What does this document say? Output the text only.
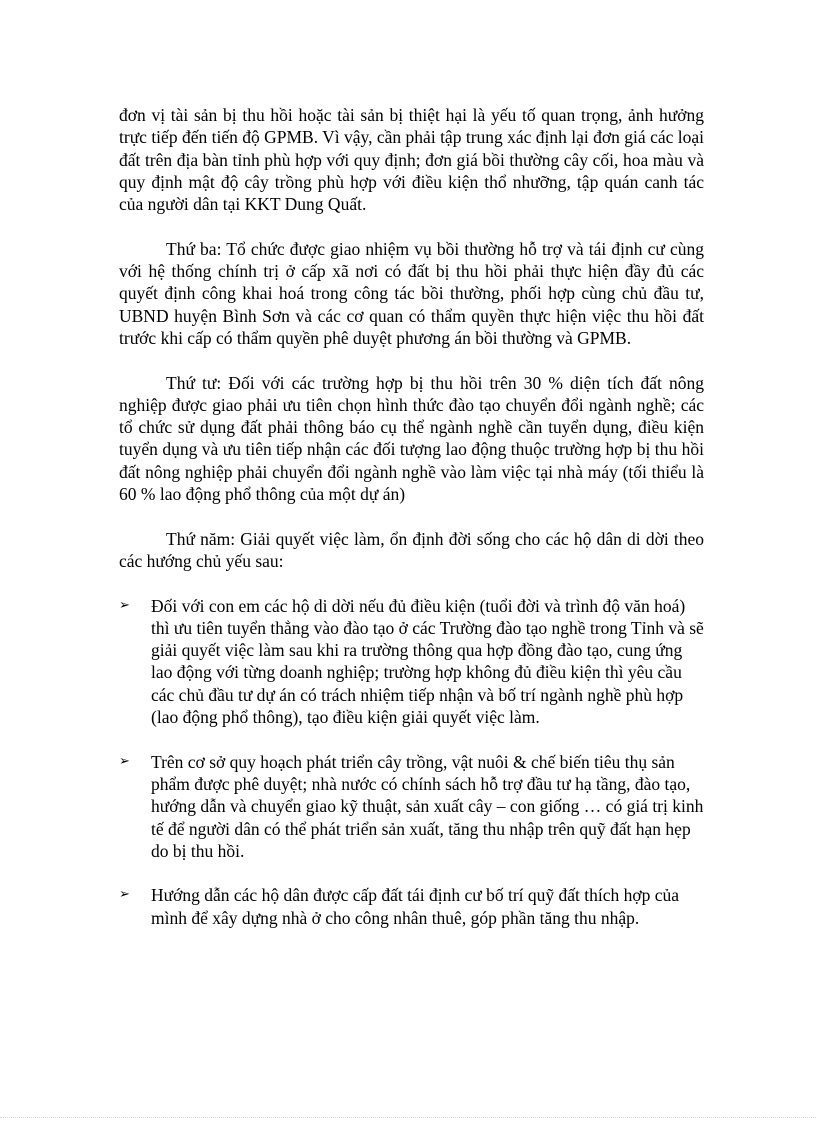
đơn vị tài sản bị thu hồi hoặc tài sản bị thiệt hại là yếu tố quan trọng, ảnh hưởng trực tiếp đến tiến độ GPMB. Vì vậy, cần phải tập trung xác định lại đơn giá các loại đất trên địa bàn tỉnh phù hợp với quy định; đơn giá bồi thường cây cối, hoa màu và quy định mật độ cây trồng phù hợp với điều kiện thổ nhưỡng, tập quán canh tác của người dân tại KKT Dung Quất.

Thứ ba: Tổ chức được giao nhiệm vụ bồi thường hỗ trợ và tái định cư cùng với hệ thống chính trị ở cấp xã nơi có đất bị thu hồi phải thực hiện đầy đủ các quyết định công khai hoá trong công tác bồi thường, phối hợp cùng chủ đầu tư, UBND huyện Bình Sơn và các cơ quan có thẩm quyền thực hiện việc thu hồi đất trước khi cấp có thẩm quyền phê duyệt phương án bồi thường và GPMB.

Thứ tư: Đối với các trường hợp bị thu hồi trên 30 % diện tích đất nông nghiệp được giao phải ưu tiên chọn hình thức đào tạo chuyển đổi ngành nghề; các tổ chức sử dụng đất phải thông báo cụ thể ngành nghề cần tuyển dụng, điều kiện tuyển dụng và ưu tiên tiếp nhận các đối tượng lao động thuộc trường hợp bị thu hồi đất nông nghiệp phải chuyển đổi ngành nghề vào làm việc tại nhà máy (tối thiểu là 60 % lao động phổ thông của một dự án)

Thứ năm: Giải quyết việc làm, ổn định đời sống cho các hộ dân di dời theo các hướng chủ yếu sau:

➢	Đối với con em các hộ di dời nếu đủ điều kiện (tuổi đời và trình độ văn hoá) thì ưu tiên tuyển thẳng vào đào tạo ở các Trường đào tạo nghề trong Tỉnh và sẽ giải quyết việc làm sau khi ra trường thông qua hợp đồng đào tạo, cung ứng lao động với từng doanh nghiệp; trường hợp không đủ điều kiện thì yêu cầu các chủ đầu tư dự án có trách nhiệm tiếp nhận và bố trí ngành nghề phù hợp (lao động phổ thông), tạo điều kiện giải quyết việc làm.
➢	Trên cơ sở quy hoạch phát triển cây trồng, vật nuôi & chế biến tiêu thụ sản phẩm được phê duyệt; nhà nước có chính sách hỗ trợ đầu tư hạ tầng, đào tạo, hướng dẫn và chuyển giao kỹ thuật, sản xuất cây – con giống … có giá trị kinh tế để người dân có thể phát triển sản xuất, tăng thu nhập trên quỹ đất hạn hẹp do bị thu hồi.
➢	Hướng dẫn các hộ dân được cấp đất tái định cư bố trí quỹ đất thích hợp của mình để xây dựng nhà ở cho công nhân thuê, góp phần tăng thu nhập.
